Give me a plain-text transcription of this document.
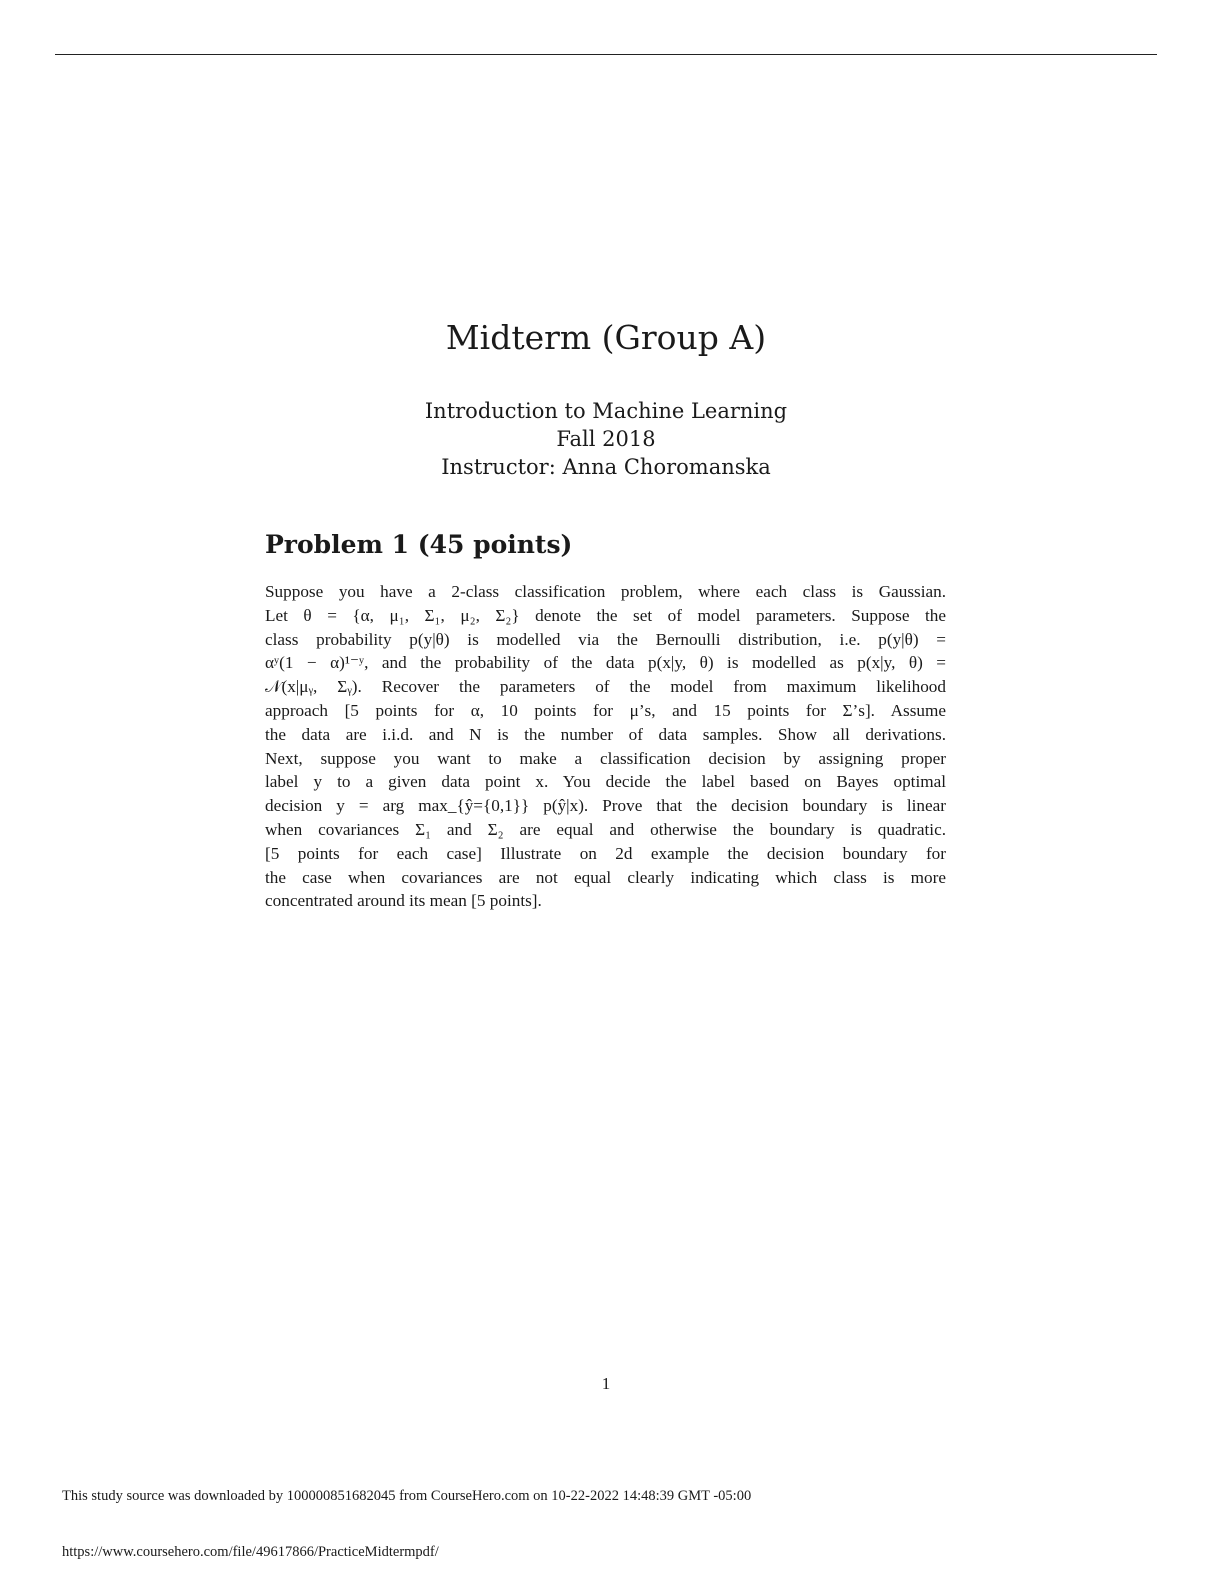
Midterm (Group A)
Introduction to Machine Learning
Fall 2018
Instructor: Anna Choromanska
Problem 1 (45 points)
Suppose you have a 2-class classification problem, where each class is Gaussian.
Let θ = {α, μ₁, Σ₁, μ₂, Σ₂} denote the set of model parameters. Suppose the
class probability p(y|θ) is modelled via the Bernoulli distribution, i.e. p(y|θ) =
αʸ(1 − α)¹⁻ʸ, and the probability of the data p(x|y, θ) is modelled as p(x|y, θ) =
𝒩(x|μᵧ, Σᵧ). Recover the parameters of the model from maximum likelihood
approach [5 points for α, 10 points for μ’s, and 15 points for Σ’s]. Assume
the data are i.i.d. and N is the number of data samples. Show all derivations.
Next, suppose you want to make a classification decision by assigning proper
label y to a given data point x. You decide the label based on Bayes optimal
decision y = arg max_{ŷ={0,1}} p(ŷ|x). Prove that the decision boundary is linear
when covariances Σ₁ and Σ₂ are equal and otherwise the boundary is quadratic.
[5 points for each case] Illustrate on 2d example the decision boundary for
the case when covariances are not equal clearly indicating which class is more
concentrated around its mean [5 points].
1
This study source was downloaded by 100000851682045 from CourseHero.com on 10-22-2022 14:48:39 GMT -05:00
https://www.coursehero.com/file/49617866/PracticeMidtermpdf/
